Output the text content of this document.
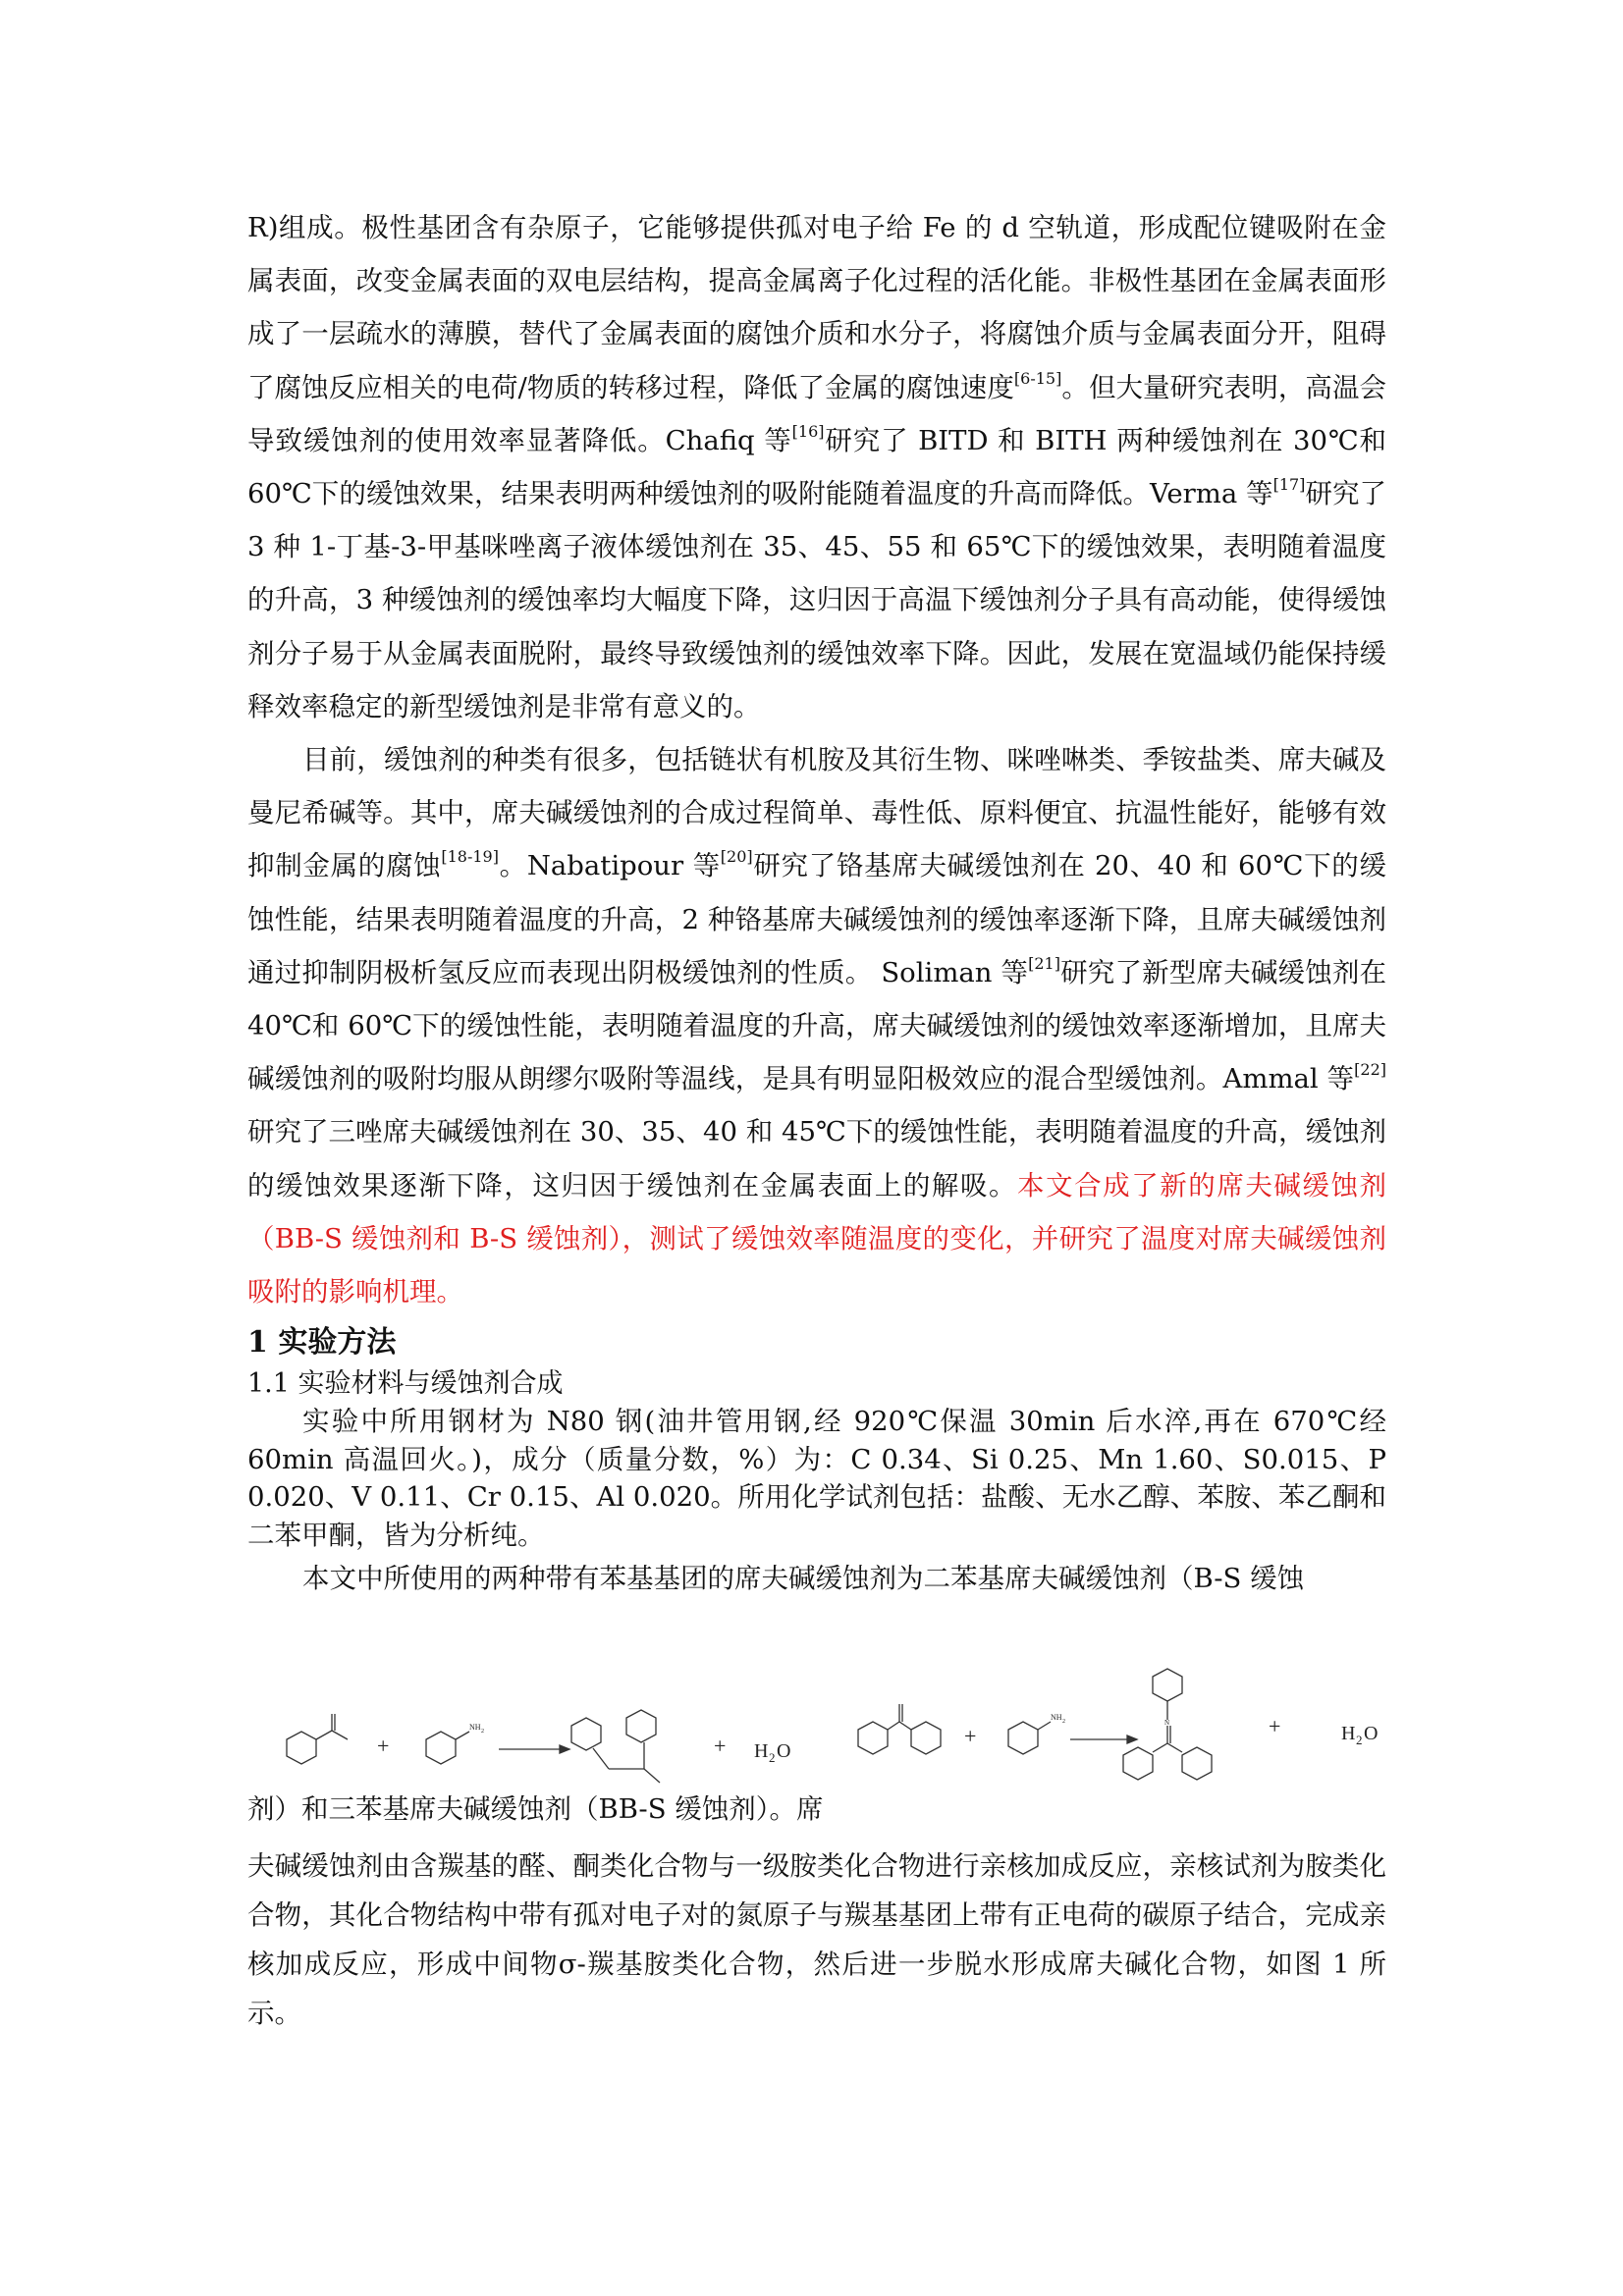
R)组成。极性基团含有杂原子，它能够提供孤对电子给 Fe 的 d 空轨道，形成配位键吸附在金属表面，改变金属表面的双电层结构，提高金属离子化过程的活化能。非极性基团在金属表面形成了一层疏水的薄膜，替代了金属表面的腐蚀介质和水分子，将腐蚀介质与金属表面分开，阻碍了腐蚀反应相关的电荷/物质的转移过程，降低了金属的腐蚀速度[6-15]。但大量研究表明，高温会导致缓蚀剂的使用效率显著降低。Chafiq 等[16]研究了 BITD 和 BITH 两种缓蚀剂在 30℃和 60℃下的缓蚀效果，结果表明两种缓蚀剂的吸附能随着温度的升高而降低。Verma 等[17]研究了 3 种 1-丁基-3-甲基咪唑离子液体缓蚀剂在 35、45、55 和 65℃下的缓蚀效果，表明随着温度的升高，3 种缓蚀剂的缓蚀率均大幅度下降，这归因于高温下缓蚀剂分子具有高动能，使得缓蚀剂分子易于从金属表面脱附，最终导致缓蚀剂的缓蚀效率下降。因此，发展在宽温域仍能保持缓释效率稳定的新型缓蚀剂是非常有意义的。

目前，缓蚀剂的种类有很多，包括链状有机胺及其衍生物、咪唑啉类、季铵盐类、席夫碱及曼尼希碱等。其中，席夫碱缓蚀剂的合成过程简单、毒性低、原料便宜、抗温性能好，能够有效抑制金属的腐蚀[18-19]。Nabatipour 等[20]研究了铬基席夫碱缓蚀剂在 20、40 和 60℃下的缓蚀性能，结果表明随着温度的升高，2 种铬基席夫碱缓蚀剂的缓蚀率逐渐下降，且席夫碱缓蚀剂通过抑制阴极析氢反应而表现出阴极缓蚀剂的性质。 Soliman 等[21]研究了新型席夫碱缓蚀剂在 40℃和 60℃下的缓蚀性能，表明随着温度的升高，席夫碱缓蚀剂的缓蚀效率逐渐增加，且席夫碱缓蚀剂的吸附均服从朗缪尔吸附等温线，是具有明显阳极效应的混合型缓蚀剂。Ammal 等[22]研究了三唑席夫碱缓蚀剂在 30、35、40 和 45℃下的缓蚀性能，表明随着温度的升高，缓蚀剂的缓蚀效果逐渐下降，这归因于缓蚀剂在金属表面上的解吸。本文合成了新的席夫碱缓蚀剂（BB-S 缓蚀剂和 B-S 缓蚀剂），测试了缓蚀效率随温度的变化，并研究了温度对席夫碱缓蚀剂吸附的影响机理。

1 实验方法
1.1 实验材料与缓蚀剂合成

实验中所用钢材为 N80 钢(油井管用钢,经 920℃保温 30min 后水淬,再在 670℃经 60min 高温回火。)，成分（质量分数，%）为：C 0.34、Si 0.25、Mn 1.60、S0.015、P 0.020、V 0.11、Cr 0.15、Al 0.020。所用化学试剂包括：盐酸、无水乙醇、苯胺、苯乙酮和二苯甲酮，皆为分析纯。

本文中所使用的两种带有苯基基团的席夫碱缓蚀剂为二苯基席夫碱缓蚀剂（B-S 缓蚀

+	+	+	+
NH 2
NH 2	N
H 2 O
H 2 O

剂）和三苯基席夫碱缓蚀剂（BB-S 缓蚀剂）。席

夫碱缓蚀剂由含羰基的醛、酮类化合物与一级胺类化合物进行亲核加成反应，亲核试剂为胺类化合物，其化合物结构中带有孤对电子对的氮原子与羰基基团上带有正电荷的碳原子结合，完成亲核加成反应，形成中间物σ-羰基胺类化合物，然后进一步脱水形成席夫碱化合物，如图 1 所示。
